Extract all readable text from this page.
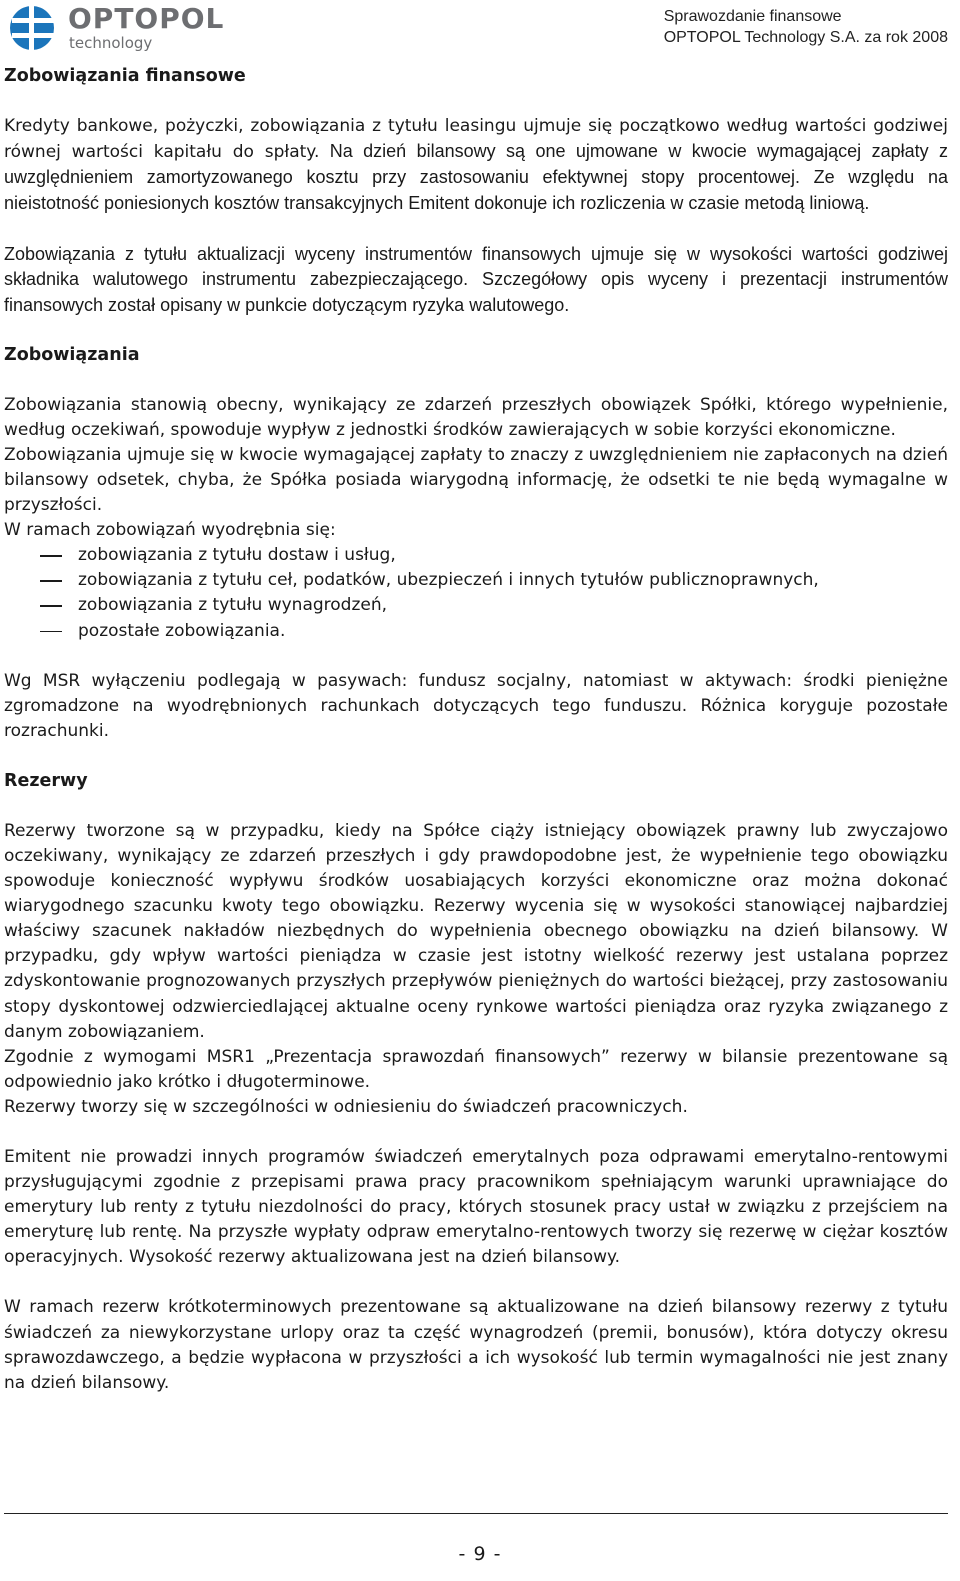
OPTOPOL
technology
Sprawozdanie finansowe
OPTOPOL Technology S.A. za rok 2008
Zobowiązania finansowe

Kredyty bankowe, pożyczki, zobowiązania z tytułu leasingu ujmuje się początkowo według wartości godziwej równej wartości kapitału do spłaty. Na dzień bilansowy są one ujmowane w kwocie wymagającej zapłaty z uwzględnieniem zamortyzowanego kosztu przy zastosowaniu efektywnej stopy procentowej. Ze względu na nieistotność poniesionych kosztów transakcyjnych Emitent dokonuje ich rozliczenia w czasie metodą liniową.

Zobowiązania z tytułu aktualizacji wyceny instrumentów finansowych ujmuje się w wysokości wartości godziwej składnika walutowego instrumentu zabezpieczającego. Szczegółowy opis wyceny i prezentacji instrumentów finansowych został opisany w punkcie dotyczącym ryzyka walutowego.

Zobowiązania

Zobowiązania stanowią obecny, wynikający ze zdarzeń przeszłych obowiązek Spółki, którego wypełnienie, według oczekiwań, spowoduje wypływ z jednostki środków zawierających w sobie korzyści ekonomiczne.

Zobowiązania ujmuje się w kwocie wymagającej zapłaty to znaczy z uwzględnieniem nie zapłaconych na dzień bilansowy odsetek, chyba, że Spółka posiada wiarygodną informację, że odsetki te nie będą wymagalne w przyszłości.

W ramach zobowiązań wyodrębnia się:

zobowiązania z tytułu dostaw i usług,
zobowiązania z tytułu ceł, podatków, ubezpieczeń i innych tytułów publicznoprawnych,
zobowiązania z tytułu wynagrodzeń,
pozostałe zobowiązania.

Wg MSR wyłączeniu podlegają w pasywach: fundusz socjalny, natomiast w aktywach: środki pieniężne zgromadzone na wyodrębnionych rachunkach dotyczących tego funduszu. Różnica koryguje pozostałe rozrachunki.

Rezerwy

Rezerwy tworzone są w przypadku, kiedy na Spółce ciąży istniejący obowiązek prawny lub zwyczajowo oczekiwany, wynikający ze zdarzeń przeszłych i gdy prawdopodobne jest, że wypełnienie tego obowiązku spowoduje konieczność wypływu środków uosabiających korzyści ekonomiczne oraz można dokonać wiarygodnego szacunku kwoty tego obowiązku. Rezerwy wycenia się w wysokości stanowiącej najbardziej właściwy szacunek nakładów niezbędnych do wypełnienia obecnego obowiązku na dzień bilansowy. W przypadku, gdy wpływ wartości pieniądza w czasie jest istotny wielkość rezerwy jest ustalana poprzez zdyskontowanie prognozowanych przyszłych przepływów pieniężnych do wartości bieżącej, przy zastosowaniu stopy dyskontowej odzwierciedlającej aktualne oceny rynkowe wartości pieniądza oraz ryzyka związanego z danym zobowiązaniem.

Zgodnie z wymogami MSR1 „Prezentacja sprawozdań finansowych” rezerwy w bilansie prezentowane są odpowiednio jako krótko i długoterminowe.

Rezerwy tworzy się w szczególności w odniesieniu do świadczeń pracowniczych.

Emitent nie prowadzi innych programów świadczeń emerytalnych poza odprawami emerytalno-rentowymi przysługującymi zgodnie z przepisami prawa pracy pracownikom spełniającym warunki uprawniające do emerytury lub renty z tytułu niezdolności do pracy, których stosunek pracy ustał w związku z przejściem na emeryturę lub rentę. Na przyszłe wypłaty odpraw emerytalno-rentowych tworzy się rezerwę w ciężar kosztów operacyjnych. Wysokość rezerwy aktualizowana jest na dzień bilansowy.

W ramach rezerw krótkoterminowych prezentowane są aktualizowane na dzień bilansowy rezerwy z tytułu świadczeń za niewykorzystane urlopy oraz ta część wynagrodzeń (premii, bonusów), która dotyczy okresu sprawozdawczego, a będzie wypłacona w przyszłości a ich wysokość lub termin wymagalności nie jest znany na dzień bilansowy.

- 9 -
